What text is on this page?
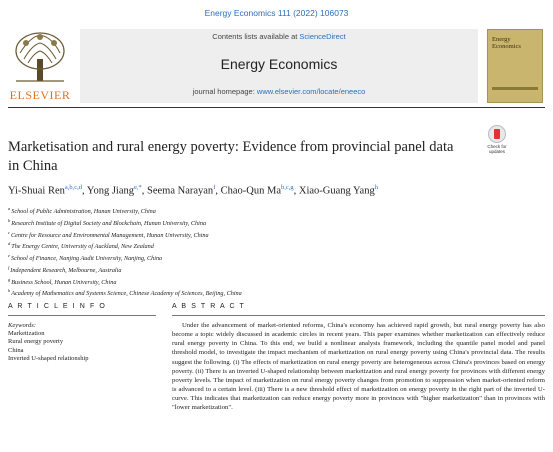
Energy Economics 111 (2022) 106073
ELSEVIER
Contents lists available at ScienceDirect
Energy Economics
journal homepage: www.elsevier.com/locate/eneeco
Energy Economics
Marketisation and rural energy poverty: Evidence from provincial panel data in China
Check for updates
Yi-Shuai Ren$^{a,b,c,d}$, Yong Jiang$^{e,*}$, Seema Narayan$^f$, Chao-Qun Ma$^{b,c,g}$, Xiao-Guang Yang$^h$
$^a$School of Public Administration, Hunan University, China
$^b$Research Institute of Digital Society and Blockchain, Hunan University, China
$^c$Centre for Resource and Environmental Management, Hunan University, China
$^d$The Energy Centre, University of Auckland, New Zealand
$^e$School of Finance, Nanjing Audit University, Nanjing, China
$^f$Independent Research, Melbourne, Australia
$^g$Business School, Hunan University, China
$^h$Academy of Mathematics and Systems Science, Chinese Academy of Sciences, Beijing, China
A R T I C L E I N F O	A B S T R A C T
Keywords:
Marketization
Rural energy poverty
China
Inverted U-shaped relationship
Under the advancement of market-oriented reforms, China's economy has achieved rapid growth, but rural energy poverty has also become a topic widely discussed in academic circles in recent years. This paper examines whether marketization can effectively reduce rural energy poverty in China. To this end, we build a nonlinear analysis framework, including the quantile panel model and panel threshold model, to investigate the impact mechanism of marketization on rural energy poverty using China's provincial data. The results suggest the following. (i) The effects of marketization on rural energy poverty are heterogeneous across China's provinces based on energy poverty. (ii) There is an inverted U-shaped relationship between marketization and rural energy poverty for provinces with different energy poverty levels. The impact of marketization on rural energy poverty changes from promotion to suppression when market-oriented reform is advanced to a certain level. (iii) There is a new threshold effect of marketization on energy poverty in the right part of the inverted U-curve. This indicates that marketization can reduce energy poverty more in provinces with "higher marketization" than in provinces with "lower marketization".
